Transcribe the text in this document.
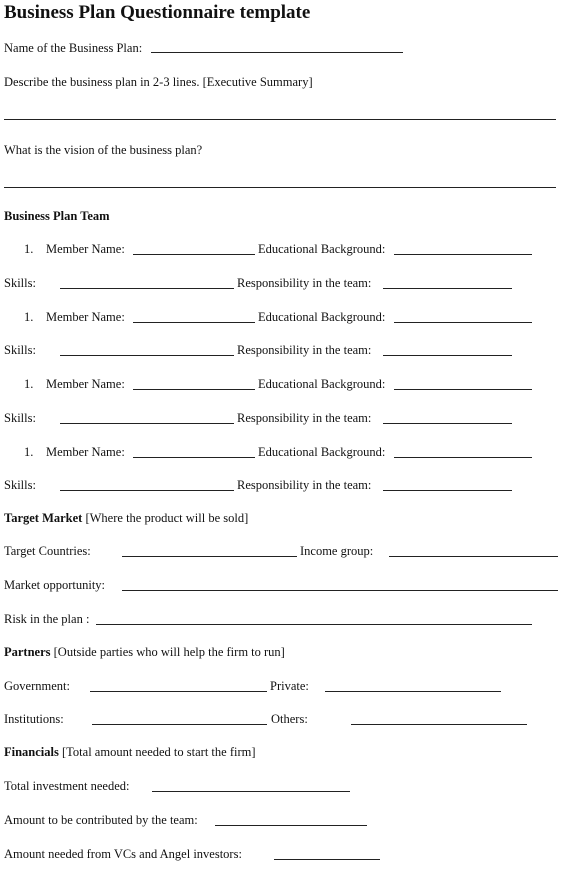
Business Plan Questionnaire template
Name of the Business Plan:
Describe the business plan in 2-3 lines. [Executive Summary]
What is the vision of the business plan?
Business Plan Team
1. Member Name:	Educational Background:
Skills:	Responsibility in the team:
1. Member Name:	Educational Background:
Skills:	Responsibility in the team:
1. Member Name:	Educational Background:
Skills:	Responsibility in the team:
1. Member Name:	Educational Background:
Skills:	Responsibility in the team:
Target Market [Where the product will be sold]
Target Countries:	Income group:
Market opportunity:
Risk in the plan :
Partners [Outside parties who will help the firm to run]
Government:	Private:
Institutions:	Others:
Financials [Total amount needed to start the firm]
Total investment needed:
Amount to be contributed by the team:
Amount needed from VCs and Angel investors:
